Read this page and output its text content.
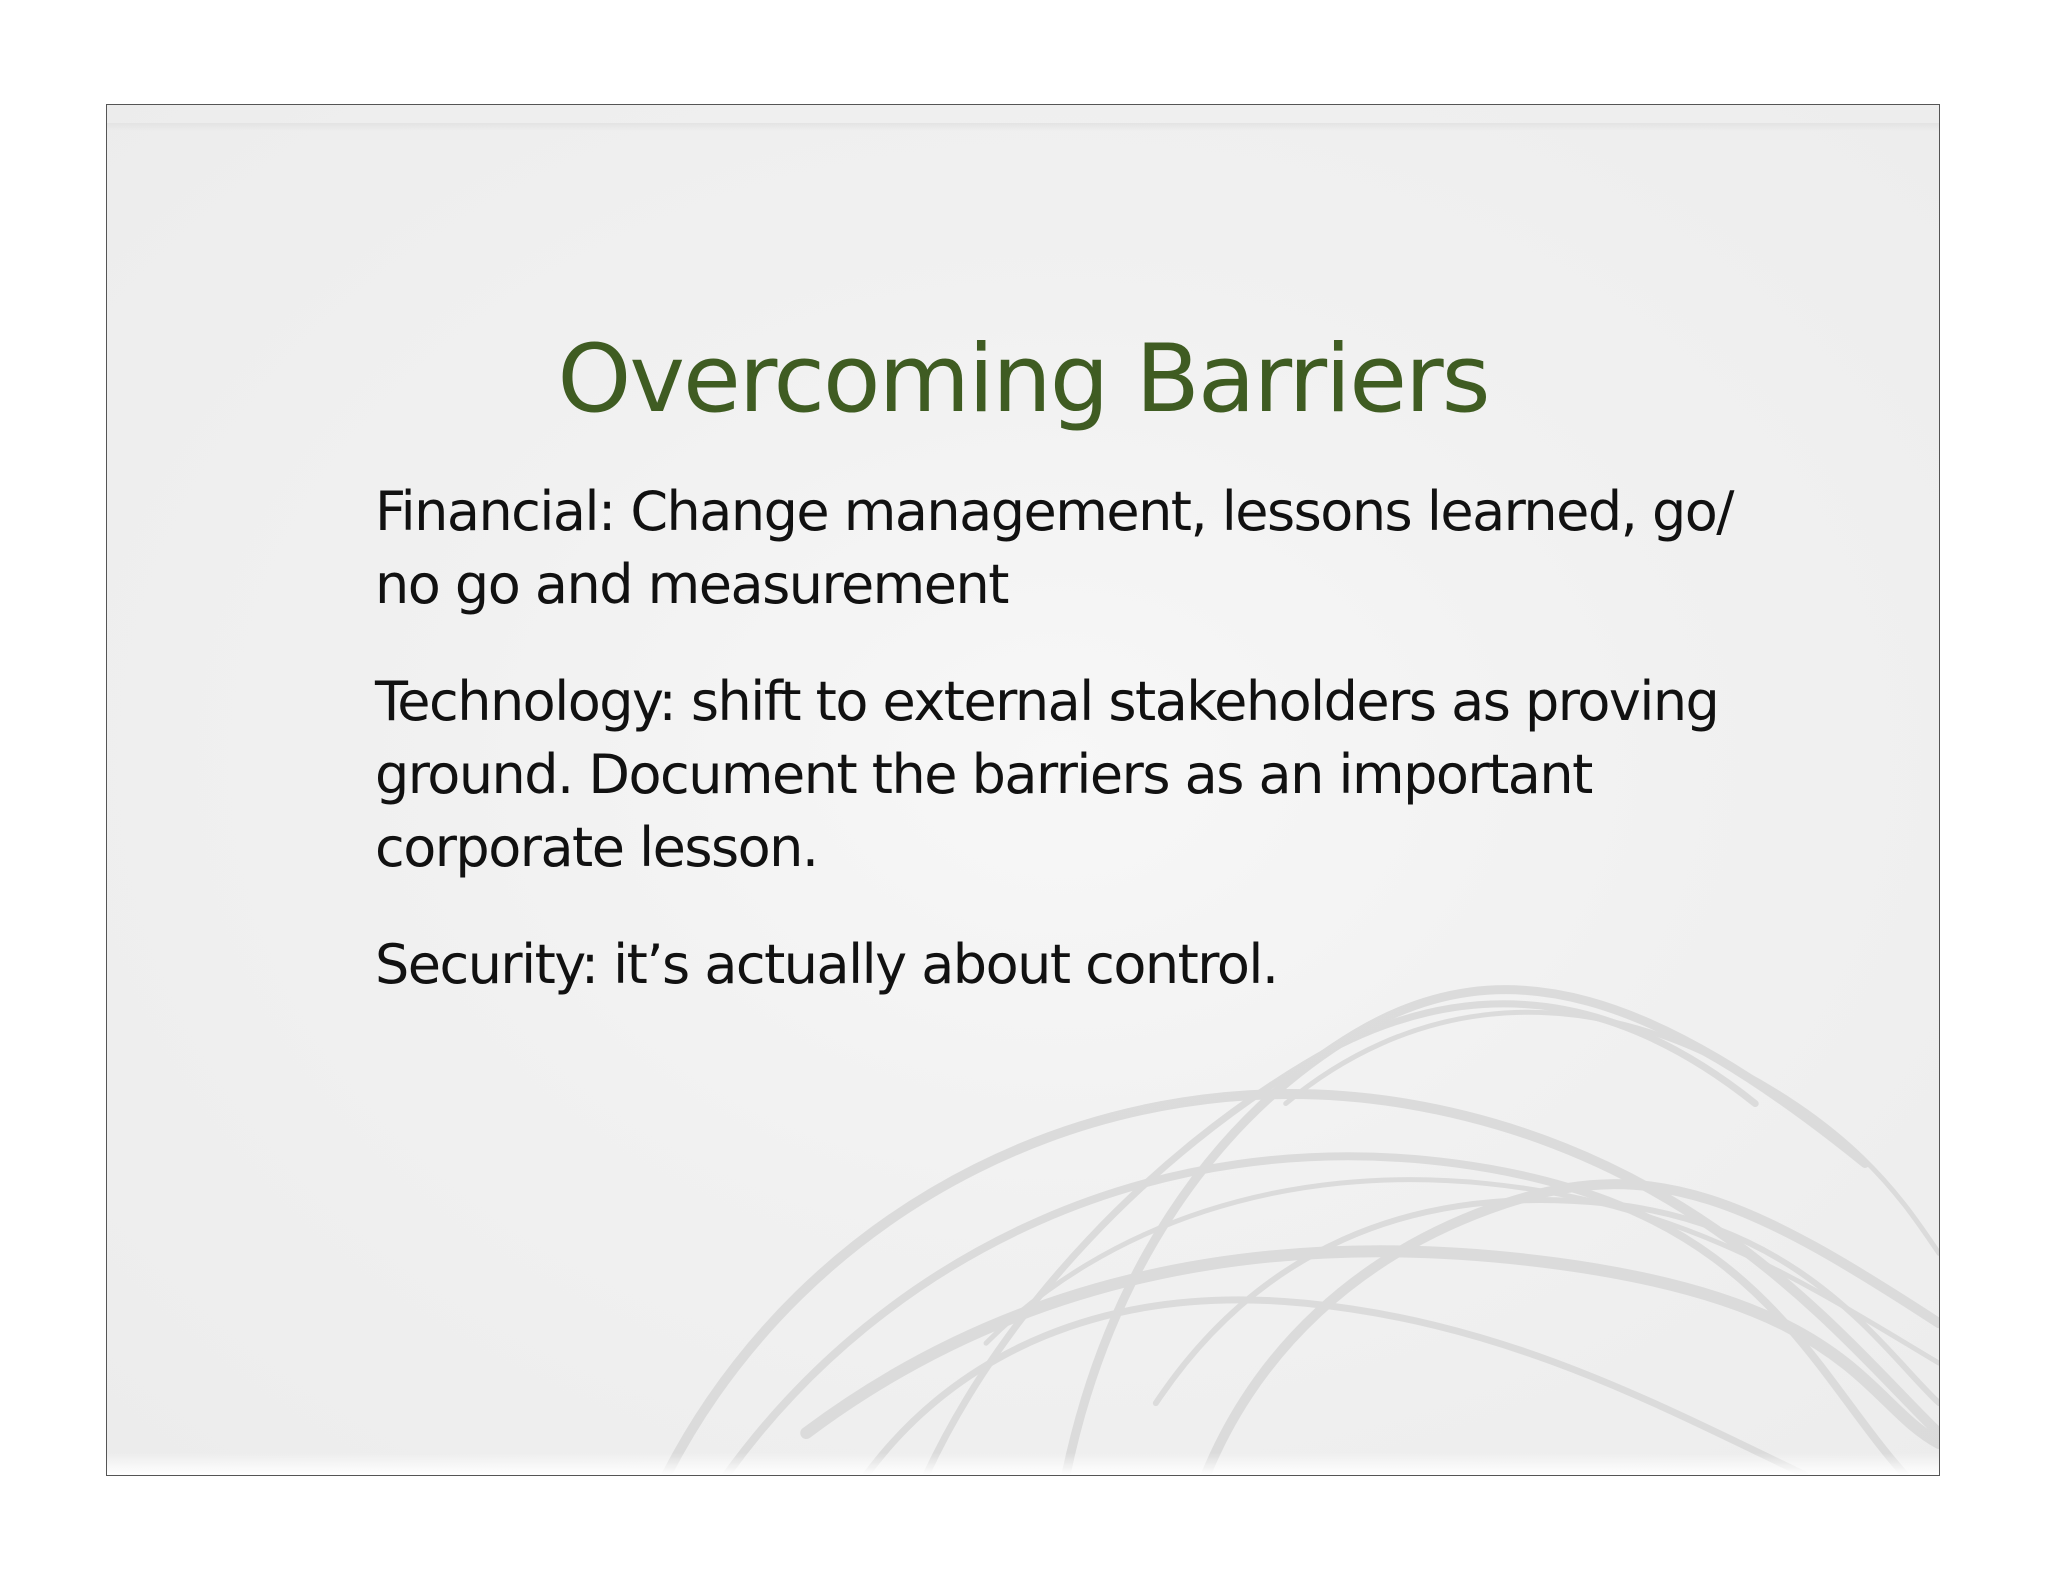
Overcoming Barriers
Financial: Change management, lessons learned, go/ no go and measurement
Technology: shift to external stakeholders as proving ground. Document the barriers as an important corporate lesson.
Security: it’s actually about control.
